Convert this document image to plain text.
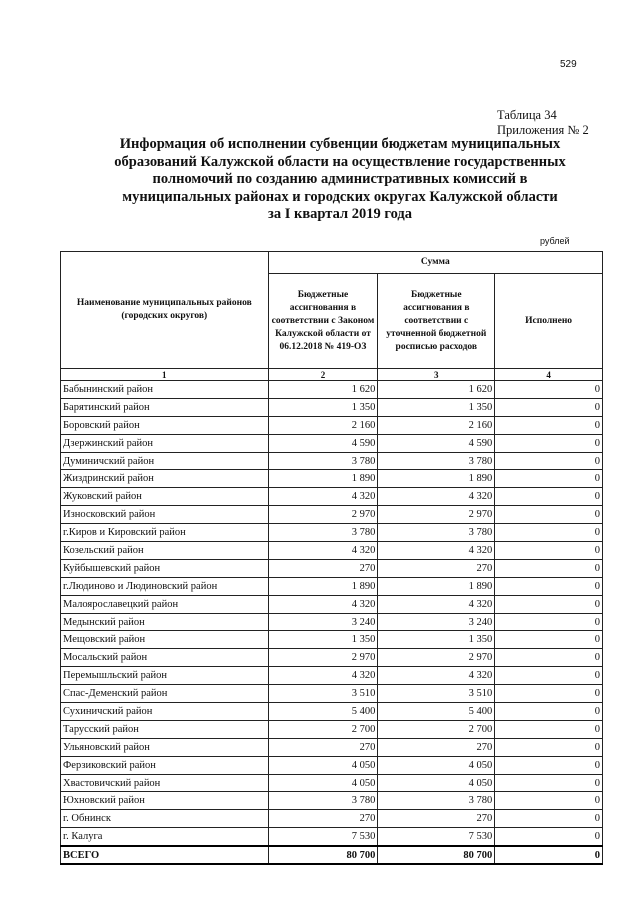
529
Таблица 34
Приложения № 2
Информация об исполнении субвенции бюджетам муниципальных
образований Калужской области на осуществление государственных
полномочий по созданию административных комиссий в
муниципальных районах и городских округах Калужской области
за I квартал 2019 года
рублей
Наименование муниципальных районов (городских округов)	Сумма		
	Бюджетные ассигнования в соответствии с Законом Калужской области от 06.12.2018 № 419-ОЗ	Бюджетные ассигнования в соответствии с уточненной бюджетной росписью расходов	Исполнено
1	2	3	4
Бабынинский район	1 620	1 620	0
Барятинский район	1 350	1 350	0
Боровский район	2 160	2 160	0
Дзержинский район	4 590	4 590	0
Думиничский район	3 780	3 780	0
Жиздринский район	1 890	1 890	0
Жуковский район	4 320	4 320	0
Износковский район	2 970	2 970	0
г.Киров и Кировский район	3 780	3 780	0
Козельский район	4 320	4 320	0
Куйбышевский район	270	270	0
г.Людиново и Людиновский район	1 890	1 890	0
Малоярославецкий район	4 320	4 320	0
Медынский район	3 240	3 240	0
Мещовский район	1 350	1 350	0
Мосальский район	2 970	2 970	0
Перемышльский район	4 320	4 320	0
Спас-Деменский район	3 510	3 510	0
Сухиничский район	5 400	5 400	0
Тарусский район	2 700	2 700	0
Ульяновский район	270	270	0
Ферзиковский район	4 050	4 050	0
Хвастовичский район	4 050	4 050	0
Юхновский район	3 780	3 780	0
г. Обнинск	270	270	0
г. Калуга	7 530	7 530	0
ВСЕГО	80 700	80 700	0
